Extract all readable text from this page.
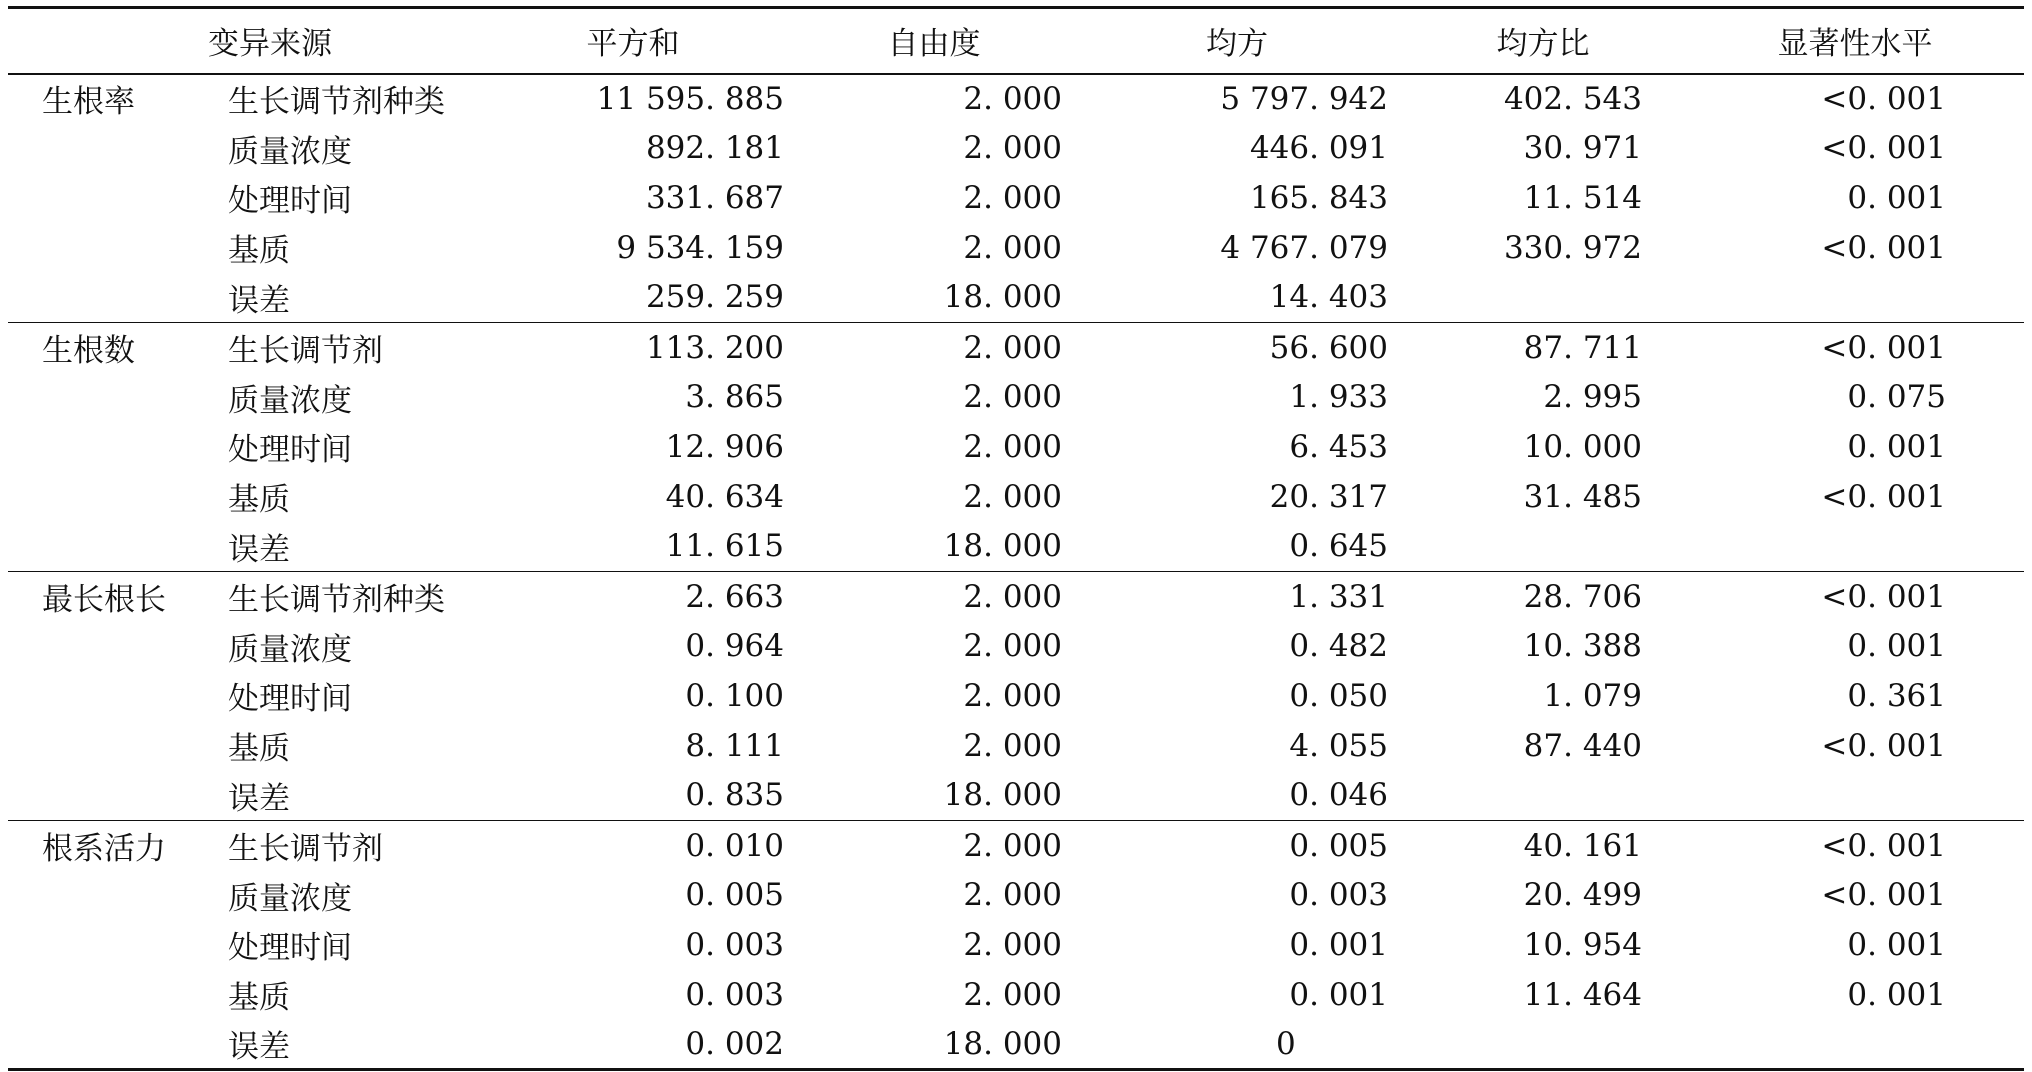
变异来源		平方和	自由度	均方	均方比	显著性水平
生根率	生长调节剂种类	11 595. 885	2. 000	5 797. 942	402. 543	<0. 001
	质量浓度	892. 181	2. 000	446. 091	30. 971	<0. 001
	处理时间	331. 687	2. 000	165. 843	11. 514	0. 001
	基质	9 534. 159	2. 000	4 767. 079	330. 972	<0. 001
	误差	259. 259	18. 000	14. 403		
生根数	生长调节剂	113. 200	2. 000	56. 600	87. 711	<0. 001
	质量浓度	3. 865	2. 000	1. 933	2. 995	0. 075
	处理时间	12. 906	2. 000	6. 453	10. 000	0. 001
	基质	40. 634	2. 000	20. 317	31. 485	<0. 001
	误差	11. 615	18. 000	0. 645		
最长根长	生长调节剂种类	2. 663	2. 000	1. 331	28. 706	<0. 001
	质量浓度	0. 964	2. 000	0. 482	10. 388	0. 001
	处理时间	0. 100	2. 000	0. 050	1. 079	0. 361
	基质	8. 111	2. 000	4. 055	87. 440	<0. 001
	误差	0. 835	18. 000	0. 046		
根系活力	生长调节剂	0. 010	2. 000	0. 005	40. 161	<0. 001
	质量浓度	0. 005	2. 000	0. 003	20. 499	<0. 001
	处理时间	0. 003	2. 000	0. 001	10. 954	0. 001
	基质	0. 003	2. 000	0. 001	11. 464	0. 001
	误差	0. 002	18. 000	0		
